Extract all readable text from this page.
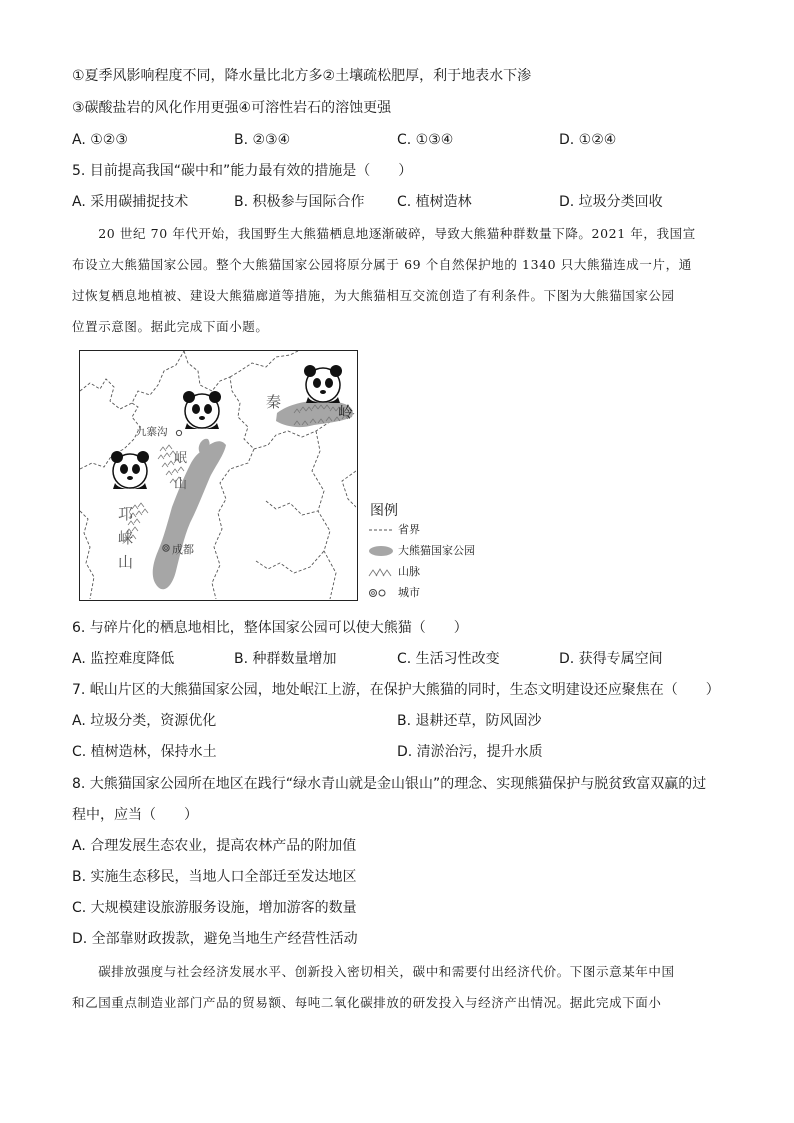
①夏季风影响程度不同，降水量比北方多②土壤疏松肥厚，利于地表水下渗
③碳酸盐岩的风化作用更强④可溶性岩石的溶蚀更强
A. ①②③	B. ②③④	C. ①③④	D. ①②④
5. 目前提高我国“碳中和”能力最有效的措施是（　　）
A. 采用碳捕捉技术	B. 积极参与国际合作 C. 植树造林	D. 垃圾分类回收
　　20 世纪 70 年代开始，我国野生大熊猫栖息地逐渐破碎，导致大熊猫种群数量下降。2021 年，我国宣
布设立大熊猫国家公园。整个大熊猫国家公园将原分属于 69 个自然保护地的 1340 只大熊猫连成一片，通
过恢复栖息地植被、建设大熊猫廊道等措施，为大熊猫相互交流创造了有利条件。下图为大熊猫国家公园
位置示意图。据此完成下面小题。
秦
岭
九寨沟
岷
山
邛
崃
山
成都
图例
省界
大熊猫国家公园
山脉
城市
6. 与碎片化的栖息地相比，整体国家公园可以使大熊猫（　　）
A. 监控难度降低	B. 种群数量增加	C. 生活习性改变	D. 获得专属空间
7. 岷山片区的大熊猫国家公园，地处岷江上游，在保护大熊猫的同时，生态文明建设还应聚焦在（　　）
A. 垃圾分类，资源优化	B. 退耕还草，防风固沙
C. 植树造林，保持水土	D. 清淤治污，提升水质
8. 大熊猫国家公园所在地区在践行“绿水青山就是金山银山”的理念、实现熊猫保护与脱贫致富双赢的过
程中，应当（　　）
A. 合理发展生态农业，提高农林产品的附加值
B. 实施生态移民，当地人口全部迁至发达地区
C. 大规模建设旅游服务设施，增加游客的数量
D. 全部靠财政拨款，避免当地生产经营性活动
　　碳排放强度与社会经济发展水平、创新投入密切相关，碳中和需要付出经济代价。下图示意某年中国
和乙国重点制造业部门产品的贸易额、每吨二氧化碳排放的研发投入与经济产出情况。据此完成下面小
